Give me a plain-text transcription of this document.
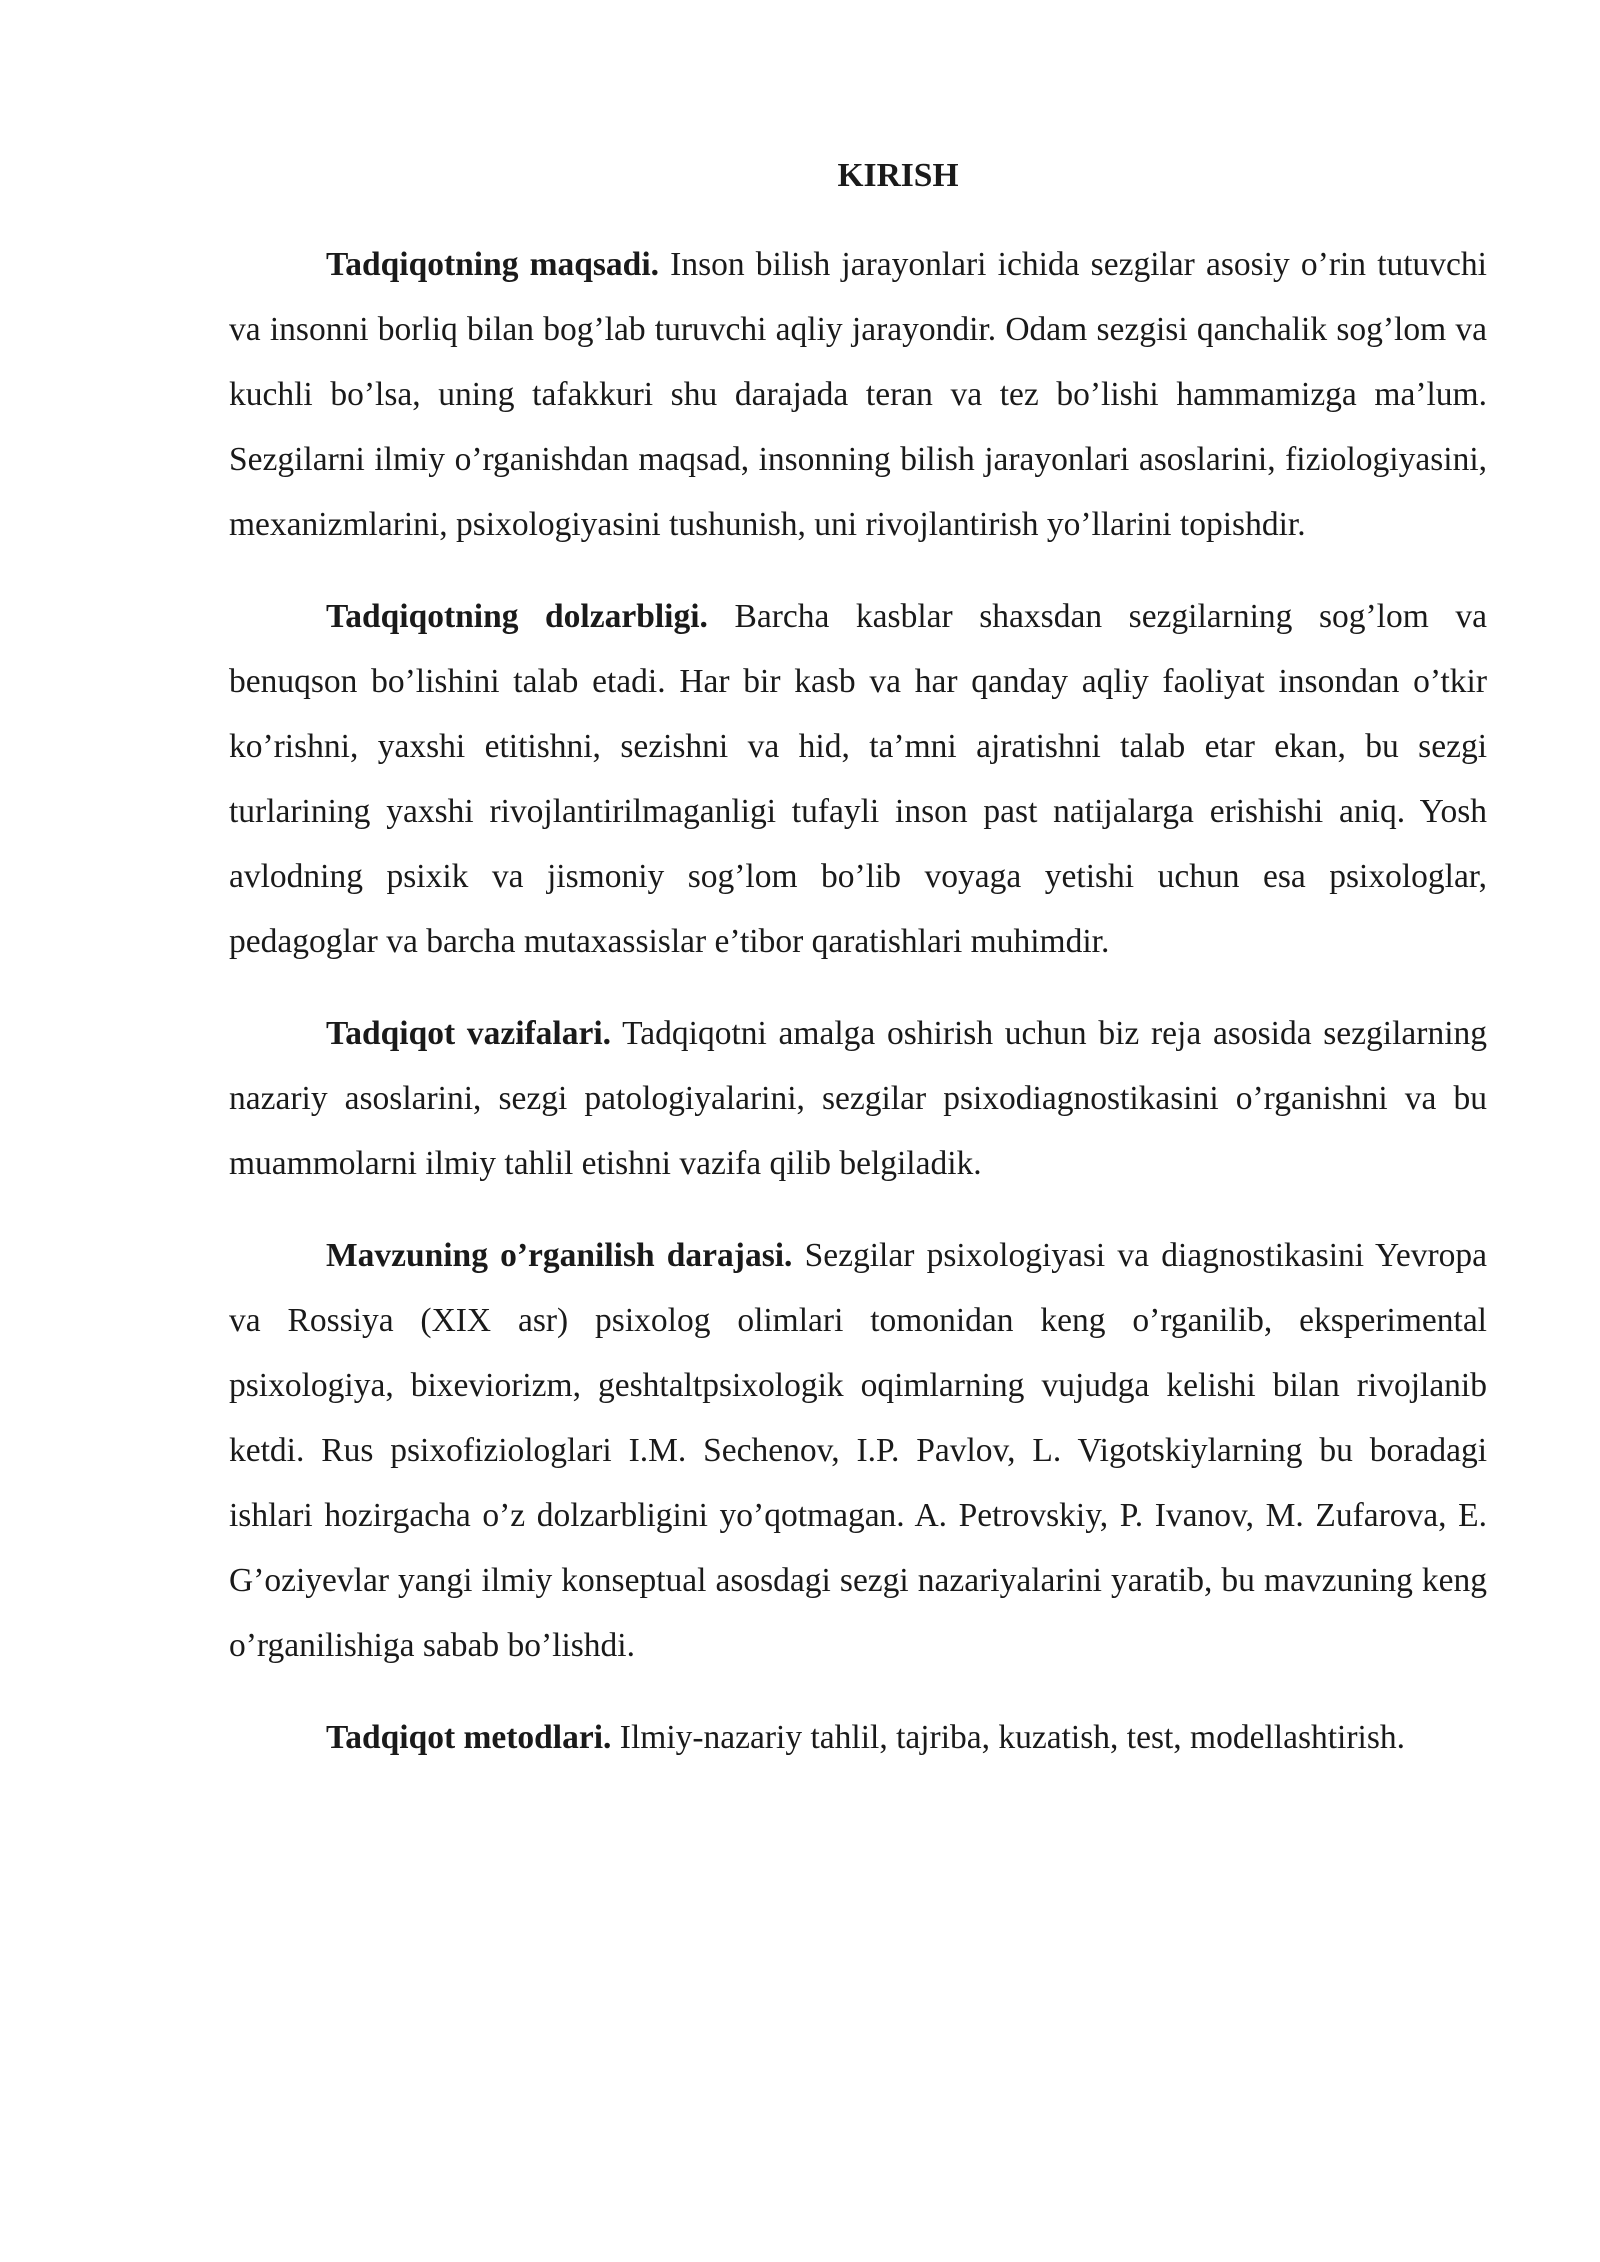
KIRISH

Tadqiqotning maqsadi. Inson bilish jarayonlari ichida sezgilar asosiy o’rin tutuvchi va insonni borliq bilan bog’lab turuvchi aqliy jarayondir. Odam sezgisi qanchalik sog’lom va kuchli bo’lsa, uning tafakkuri shu darajada teran va tez bo’lishi hammamizga ma’lum. Sezgilarni ilmiy o’rganishdan maqsad, insonning bilish jarayonlari asoslarini, fiziologiyasini, mexanizmlarini, psixologiyasini tushunish, uni rivojlantirish yo’llarini topishdir.

Tadqiqotning dolzarbligi. Barcha kasblar shaxsdan sezgilarning sog’lom va benuqson bo’lishini talab etadi. Har bir kasb va har qanday aqliy faoliyat insondan o’tkir ko’rishni, yaxshi etitishni, sezishni va hid, ta’mni ajratishni talab etar ekan, bu sezgi turlarining yaxshi rivojlantirilmaganligi tufayli inson past natijalarga erishishi aniq. Yosh avlodning psixik va jismoniy sog’lom bo’lib voyaga yetishi uchun esa psixologlar, pedagoglar va barcha mutaxassislar e’tibor qaratishlari muhimdir.

Tadqiqot vazifalari. Tadqiqotni amalga oshirish uchun biz reja asosida sezgilarning nazariy asoslarini, sezgi patologiyalarini, sezgilar psixodiagnostikasini o’rganishni va bu muammolarni ilmiy tahlil etishni vazifa qilib belgiladik.

Mavzuning o’rganilish darajasi. Sezgilar psixologiyasi va diagnostikasini Yevropa va Rossiya (XIX asr) psixolog olimlari tomonidan keng o’rganilib, eksperimental psixologiya, bixeviorizm, geshtaltpsixologik oqimlarning vujudga kelishi bilan rivojlanib ketdi. Rus psixofiziologlari I.M. Sechenov, I.P. Pavlov, L. Vigotskiylarning bu boradagi ishlari hozirgacha o’z dolzarbligini yo’qotmagan. A. Petrovskiy, P. Ivanov, M. Zufarova, E. G’oziyevlar yangi ilmiy konseptual asosdagi sezgi nazariyalarini yaratib, bu mavzuning keng o’rganilishiga sabab bo’lishdi.

Tadqiqot metodlari. Ilmiy-nazariy tahlil, tajriba, kuzatish, test, modellashtirish.
